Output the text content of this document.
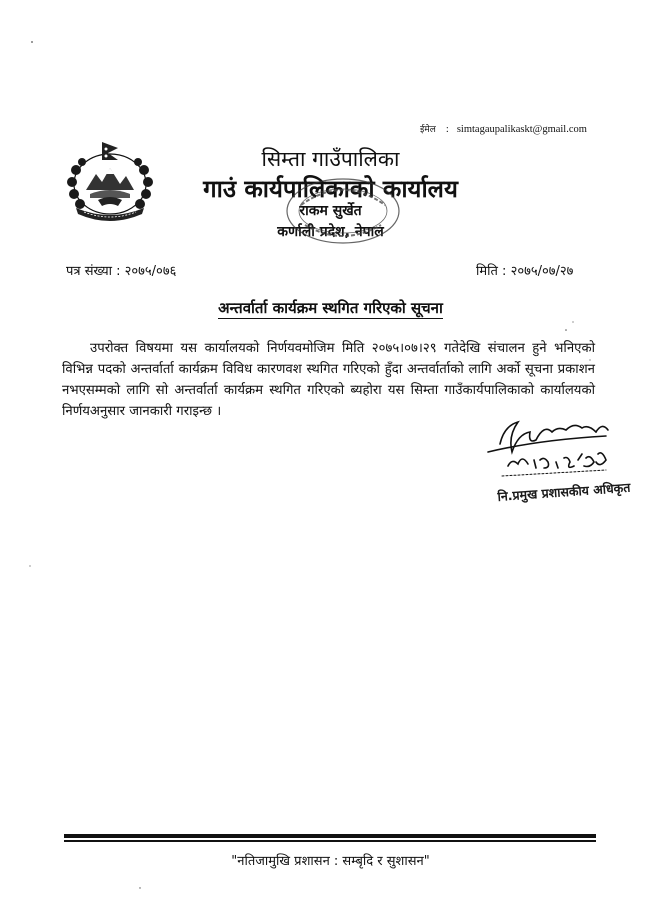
ईमेल : simtagaupalikaskt@gmail.com
सिम्ता गाउँपालिका
गाउं कार्यपालिकाको कार्यालय
राकम सुर्खेत
कर्णाली प्रदेश, नेपाल
पत्र संख्या : २०७५/०७६	मिति : २०७५/०७/२७
अन्तर्वार्ता कार्यक्रम स्थगित गरिएको सूचना
उपरोक्त विषयमा यस कार्यालयको निर्णयवमोजिम मिति २०७५।०७।२९ गतेदेखि संचालन हुने भनिएको विभिन्न पदको अन्तर्वार्ता कार्यक्रम विविध कारणवश स्थगित गरिएको हुँदा अन्तर्वार्ताको लागि अर्को सूचना प्रकाशन नभएसम्मको लागि सो अन्तर्वार्ता कार्यक्रम स्थगित गरिएको ब्यहोरा यस सिम्ता गाउँकार्यपालिकाको कार्यालयको निर्णयअनुसार जानकारी गराइन्छ ।
नि.प्रमुख प्रशासकीय अधिकृत
"नतिजामुखि प्रशासन : सम्बृदि र सुशासन"
